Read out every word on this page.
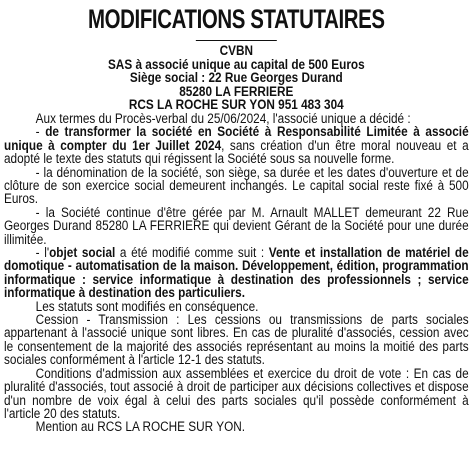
MODIFICATIONS STATUTAIRES
CVBN
SAS à associé unique au capital de 500 Euros
Siège social : 22 Rue Georges Durand
85280 LA FERRIERE
RCS LA ROCHE SUR YON 951 483 304

Aux termes du Procès-verbal du 25/06/2024, l'associé unique a décidé :

- de transformer la société en Société à Responsabilité Limitée à associé unique à compter du 1er Juillet 2024, sans création d'un être moral nouveau et a adopté le texte des statuts qui régissent la Société sous sa nouvelle forme.

- la dénomination de la société, son siège, sa durée et les dates d'ouverture et de clôture de son exercice social demeurent inchangés. Le capital social reste fixé à 500 Euros.

- la Société continue d'être gérée par M. Arnault MALLET demeurant 22 Rue Georges Durand 85280 LA FERRIERE qui devient Gérant de la Société pour une durée illimitée.

- l'objet social a été modifié comme suit : Vente et installation de matériel de domotique - automatisation de la maison. Développement, édition, programmation informatique : service informatique à destination des professionnels ; service informatique à destination des particuliers.

Les statuts sont modifiés en conséquence.

Cession - Transmission : Les cessions ou transmissions de parts sociales appartenant à l'associé unique sont libres. En cas de pluralité d'associés, cession avec le consentement de la majorité des associés représentant au moins la moitié des parts sociales conformément à l'article 12-1 des statuts.

Conditions d'admission aux assemblées et exercice du droit de vote : En cas de pluralité d'associés, tout associé à droit de participer aux décisions collectives et dispose d'un nombre de voix égal à celui des parts sociales qu'il possède conformément à l'article 20 des statuts.

Mention au RCS LA ROCHE SUR YON.
